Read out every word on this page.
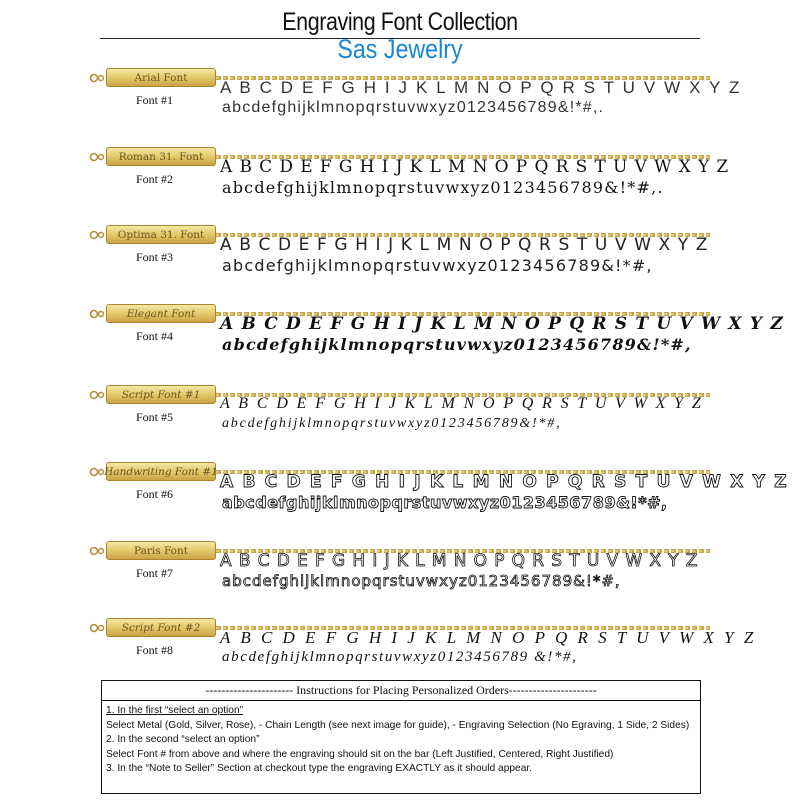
Engraving Font Collection
Sas Jewelry
Arial Font
Font #1
A B C D E F G H I J K L M N O P Q R S T U V W X Y Z
abcdefghijklmnopqrstuvwxyz0123456789&!*#,.
Roman 31. Font
Font #2
A B C D E F G H I J K L M N O P Q R S T U V W X Y Z
abcdefghijklmnopqrstuvwxyz0123456789&!*#,.
Optima 31. Font
Font #3
A B C D E F G H I J K L M N O P Q R S T U V W X Y Z
abcdefghijklmnopqrstuvwxyz0123456789&!*#,
Elegant Font
Font #4
A B C D E F G H I J K L M N O P Q R S T U V W X Y Z
abcdefghijklmnopqrstuvwxyz0123456789&!*#,
Script Font #1
Font #5
A B C D E F G H I J K L M N O P Q R S T U V W X Y Z
abcdefghijklmnopqrstuvwxyz0123456789&!*#,
Handwriting Font #1
Font #6
A B C D E F G H I J K L M N O P Q R S T U V W X Y Z
abcdefghijklmnopqrstuvwxyz0123456789&!*#,
Paris Font
Font #7
A B C D E F G H I J K L M N O P Q R S T U V W X Y Z
abcdefghijklmnopqrstuvwxyz0123456789&!*#,
Script Font #2
Font #8
A B C D E F G H I J K L M N O P Q R S T U V W X Y Z
abcdefghijklmnopqrstuvwxyz0123456789 &!*#,
---------------------- Instructions for Placing Personalized Orders----------------------
1. In the first “select an option”
Select Metal (Gold, Silver, Rose), - Chain Length (see next image for guide), - Engraving Selection (No Egraving, 1 Side, 2 Sides)
2. In the second “select an option”
Select Font # from above and where the engraving should sit on the bar (Left Justified, Centered, Right Justified)
3. In the “Note to Seller” Section at checkout type the engraving EXACTLY as it should appear.
